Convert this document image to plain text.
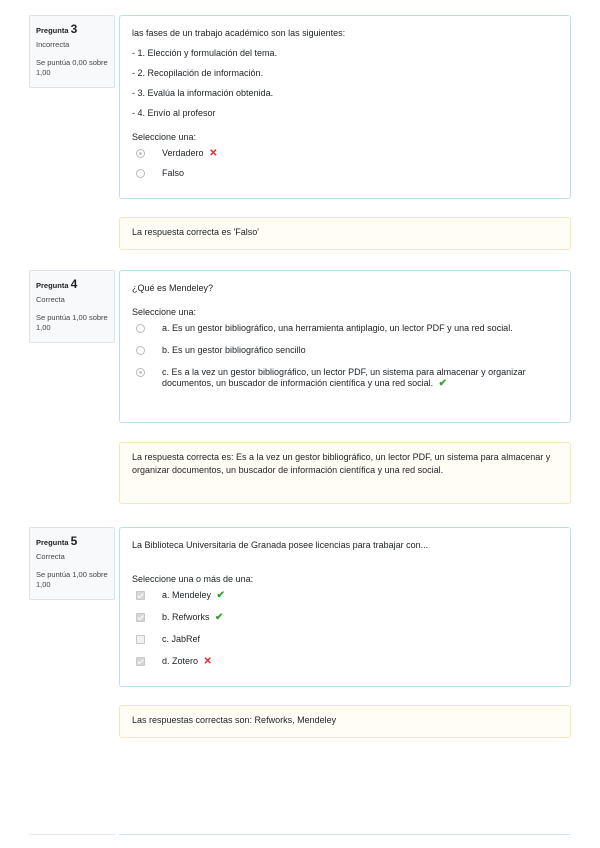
Pregunta 3
Incorrecta
Se puntúa 0,00 sobre 1,00
las fases de un trabajo académico son las siguientes:
- 1. Elección y formulación del tema.
- 2. Recopilación de información.
- 3. Evalúa la información obtenida.
- 4. Envío al profesor
Seleccione una:
Verdadero ✕
Falso
La respuesta correcta es 'Falso'
Pregunta 4
Correcta
Se puntúa 1,00 sobre 1,00
¿Qué es Mendeley?
Seleccione una:
a. Es un gestor bibliográfico, una herramienta antiplagio, un lector PDF y una red social.
b. Es un gestor bibliográfico sencillo
c. Es a la vez un gestor bibliográfico, un lector PDF, un sistema para almacenar y organizar documentos, un buscador de información científica y una red social. ✔
La respuesta correcta es: Es a la vez un gestor bibliográfico, un lector PDF, un sistema para almacenar y organizar documentos, un buscador de información científica y una red social.
Pregunta 5
Correcta
Se puntúa 1,00 sobre 1,00
La Biblioteca Universitaria de Granada posee licencias para trabajar con...
Seleccione una o más de una:
a. Mendeley ✔
b. Refworks ✔
c. JabRef
d. Zotero ✕
Las respuestas correctas son: Refworks, Mendeley
